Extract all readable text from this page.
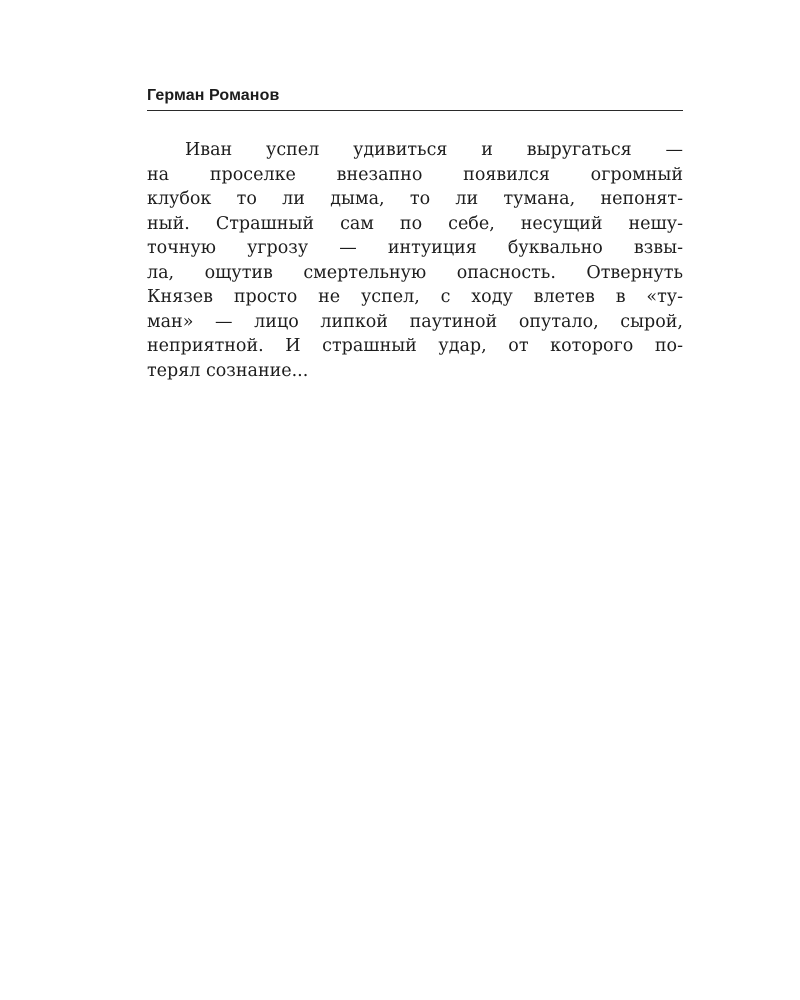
Герман Романов
Иван успел удивиться и выругаться —
на проселке внезапно появился огромный
клубок то ли дыма, то ли тумана, непонят-
ный. Страшный сам по себе, несущий нешу-
точную угрозу — интуиция буквально взвы-
ла, ощутив смертельную опасность. Отвернуть
Князев просто не успел, с ходу влетев в «ту-
ман» — лицо липкой паутиной опутало, сырой,
неприятной. И страшный удар, от которого по-
терял сознание...
